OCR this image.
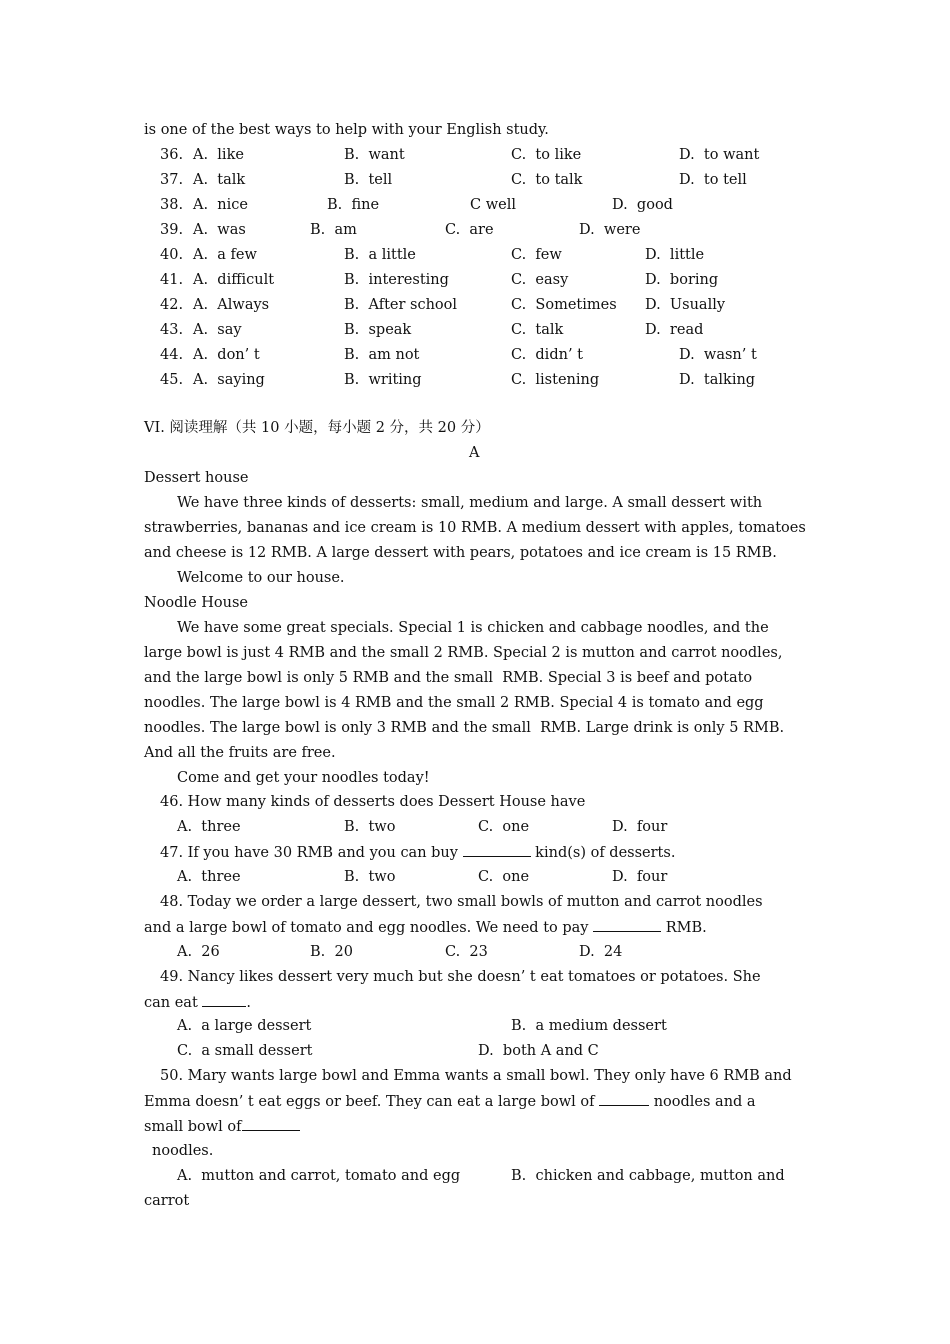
is one of the best ways to help with your English study.
36. A.  like	B.  want	C.  to like	D.  to want
37. A.  talk	B.  tell	C.  to talk	D.  to tell
38. A.  nice	B.  fine	C well	D.  good
39. A.  was	B.  am	C.  are	D.  were
40. A.  a few	B.  a little	C.  few	D.  little
41. A.  difficult	B.  interesting	C.  easy	D.  boring
42. A.  Always	B.  After school	C.  Sometimes D.  Usually
43. A.  say	B.  speak	C.  talk	D.  read
44. A.  don’ t	B.  am not	C.  didn’ t	D.  wasn’ t
45. A.  saying	B.  writing	C.  listening	D.  talking
VI. 阅读理解（共 10 小题，每小题 2 分，共 20 分）
A
Dessert house
We have three kinds of desserts: small, medium and large. A small dessert with
strawberries, bananas and ice cream is 10 RMB. A medium dessert with apples, tomatoes
and cheese is 12 RMB. A large dessert with pears, potatoes and ice cream is 15 RMB.
Welcome to our house.
Noodle House
We have some great specials. Special 1 is chicken and cabbage noodles, and the
large bowl is just 4 RMB and the small 2 RMB. Special 2 is mutton and carrot noodles,
and the large bowl is only 5 RMB and the small  RMB. Special 3 is beef and potato
noodles. The large bowl is 4 RMB and the small 2 RMB. Special 4 is tomato and egg
noodles. The large bowl is only 3 RMB and the small  RMB. Large drink is only 5 RMB.
And all the fruits are free.
Come and get your noodles today!
46. How many kinds of desserts does Dessert House have
A.  three	B.  two	C.  one	D.  four
47. If you have 30 RMB and you can buy	kind(s) of desserts.
A.  three	B.  two	C.  one	D.  four
48. Today we order a large dessert, two small bowls of mutton and carrot noodles
and a large bowl of tomato and egg noodles. We need to pay	RMB.
A.  26	B.  20	C.  23	D.  24
49. Nancy likes dessert very much but she doesn’ t eat tomatoes or potatoes. She
can eat	.
A.  a large dessert	B.  a medium dessert
C.  a small dessert	D.  both A and C
50. Mary wants large bowl and Emma wants a small bowl. They only have 6 RMB and
Emma doesn’ t eat eggs or beef. They can eat a large bowl of	noodles and a
small bowl of
noodles.
A.  mutton and carrot, tomato and egg	B.  chicken and cabbage, mutton and
carrot
